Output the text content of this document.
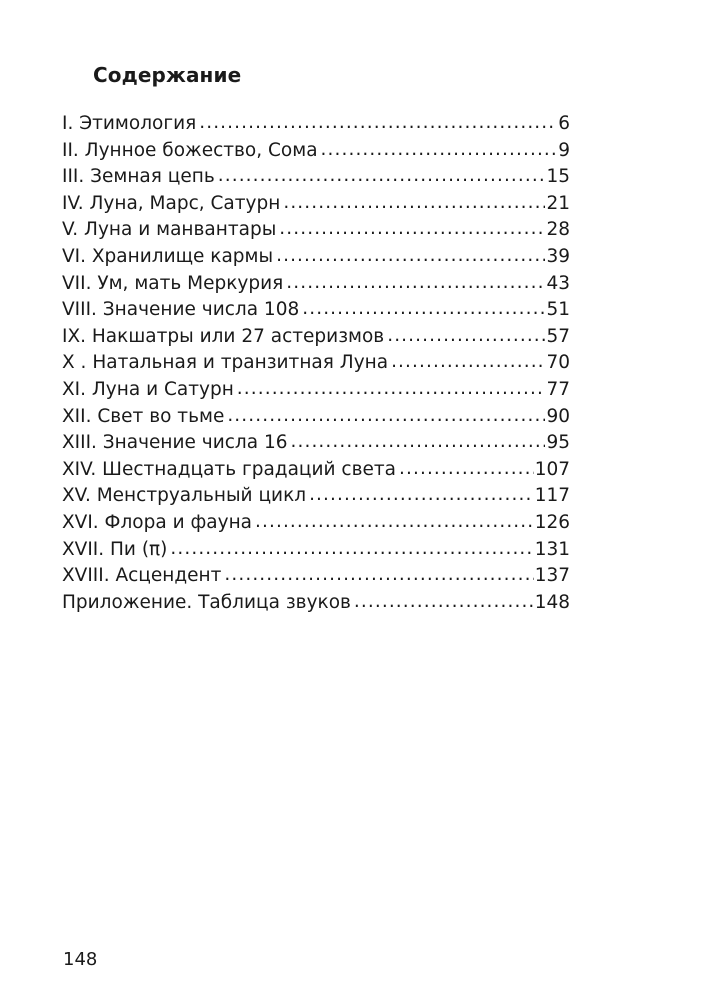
Содержание
I. Этимология .....	6
II. Лунное божество, Сома .....	9
III. Земная цепь .....	15
IV. Луна, Марс, Сатурн .....	21
V. Луна и манвантары .....	28
VI. Хранилище кармы .....	39
VII. Ум, мать Меркурия .....	43
VIII. Значение числа 108 .....	51
IX. Накшатры или 27 астеризмов .....	57
X . Натальная и транзитная Луна .....	70
XI. Луна и Сатурн .....	77
XII. Свет во тьме .....	90
XIII. Значение числа 16 .....	95
XIV. Шестнадцать градаций света .....	107
XV. Менструальный цикл .....	117
XVI. Флора и фауна .....	126
XVII. Пи (π) .....	131
XVIII. Асцендент .....	137
Приложение. Таблица звуков .....	148

148
